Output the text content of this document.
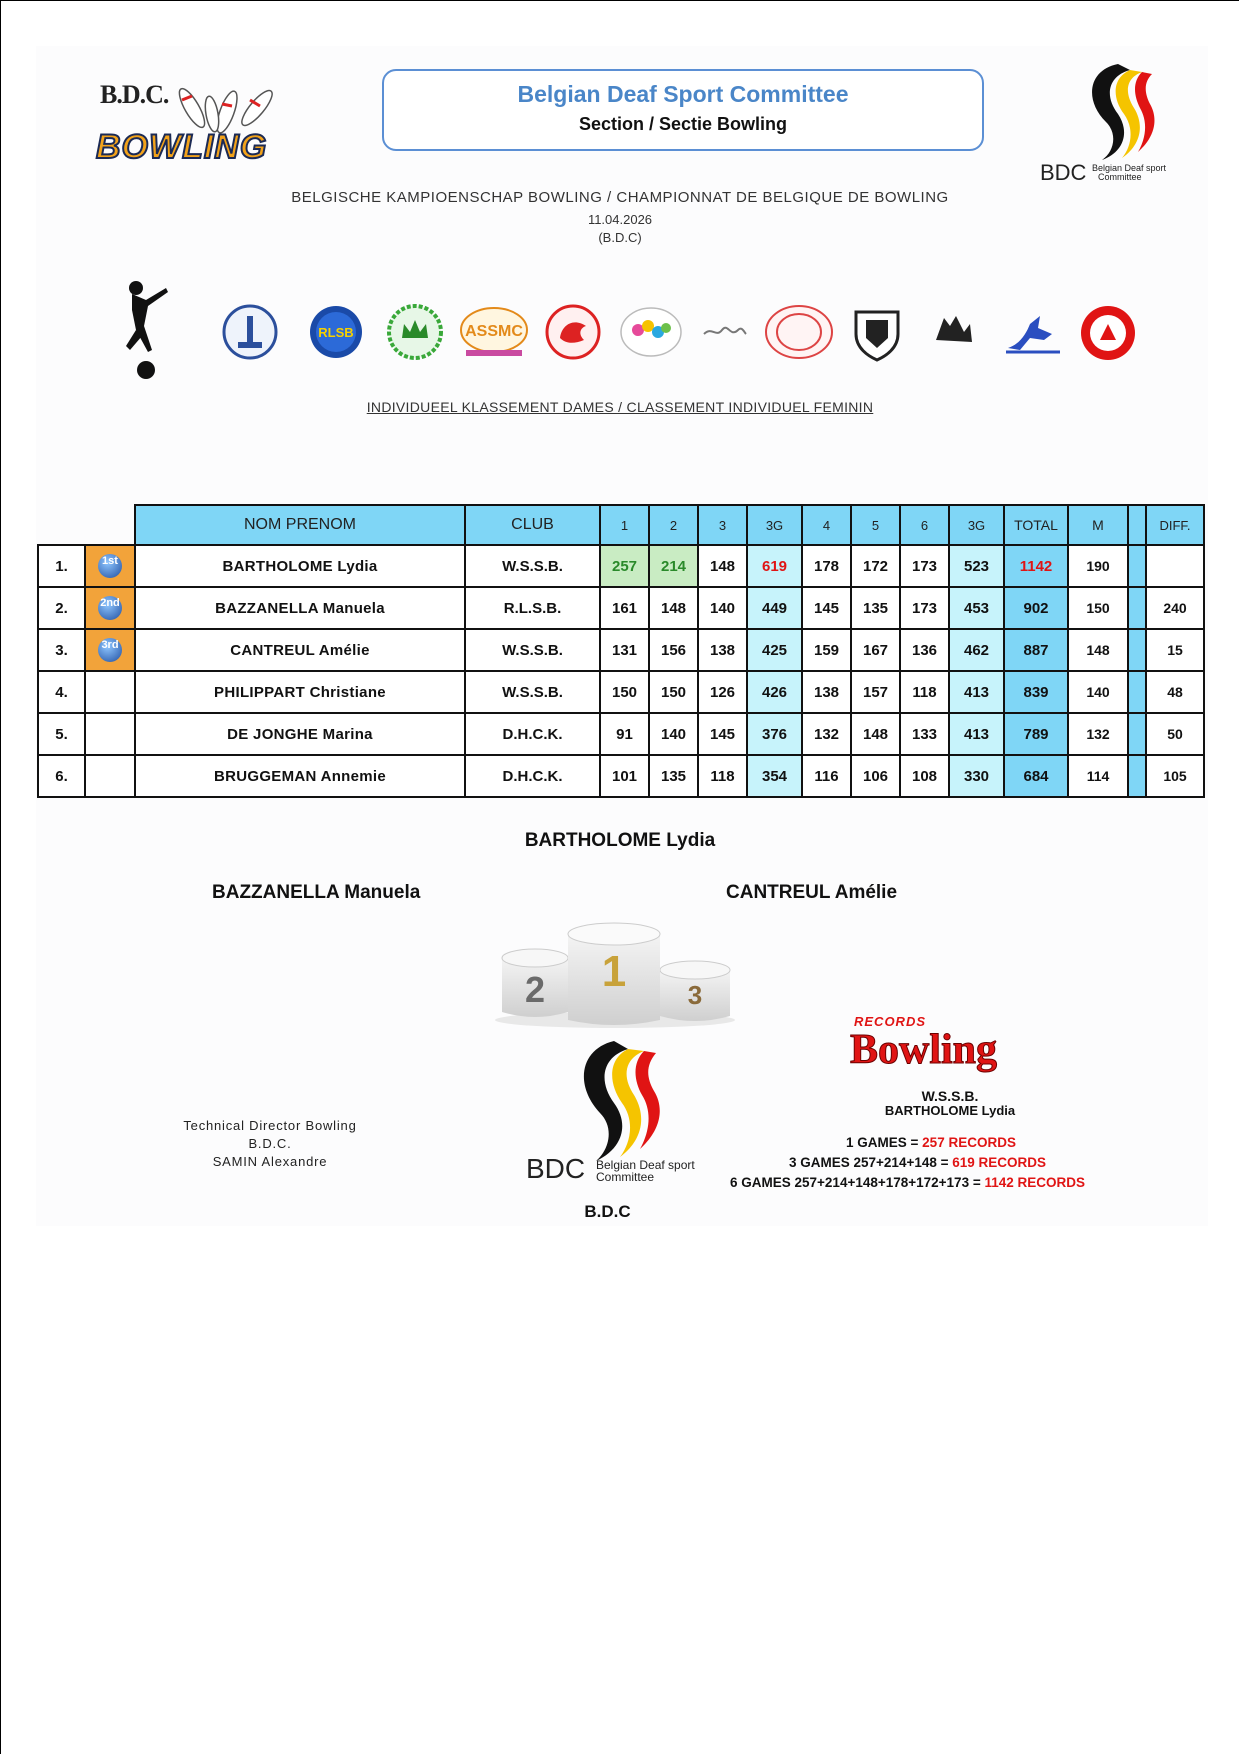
B.D.C.
BOWLING
Belgian Deaf Sport Committee
Section / Sectie Bowling
BDC Belgian Deaf sport
Committee
BELGISCHE KAMPIOENSCHAP BOWLING / CHAMPIONNAT DE BELGIQUE DE BOWLING
11.04.2026
(B.D.C)
RLSB	ASSMC
INDIVIDUEEL KLASSEMENT DAMES / CLASSEMENT INDIVIDUEL FEMININ
		NOM PRENOM	CLUB	1	2	3	3G	4	5	6	3G	TOTAL	M		DIFF.
1.	1st	BARTHOLOME Lydia	W.S.S.B.	257	214	148	619	178	172	173	523	1142	190		
2.	2nd	BAZZANELLA Manuela	R.L.S.B.	161	148	140	449	145	135	173	453	902	150		240
3.	3rd	CANTREUL Amélie	W.S.S.B.	131	156	138	425	159	167	136	462	887	148		15
4.		PHILIPPART Christiane	W.S.S.B.	150	150	126	426	138	157	118	413	839	140		48
5.		DE JONGHE Marina	D.H.C.K.	91	140	145	376	132	148	133	413	789	132		50
6.		BRUGGEMAN Annemie	D.H.C.K.	101	135	118	354	116	106	108	330	684	114		105
BARTHOLOME Lydia
BAZZANELLA Manuela	CANTREUL Amélie
2 1 3
Technical Director Bowling
B.D.C.
SAMIN Alexandre	BDC Belgian Deaf sport
Committee
B.D.C
RECORDS
Bowling
W.S.S.B.
BARTHOLOME Lydia
1 GAMES = 257 RECORDS
3 GAMES 257+214+148 = 619 RECORDS
6 GAMES 257+214+148+178+172+173 = 1142 RECORDS
